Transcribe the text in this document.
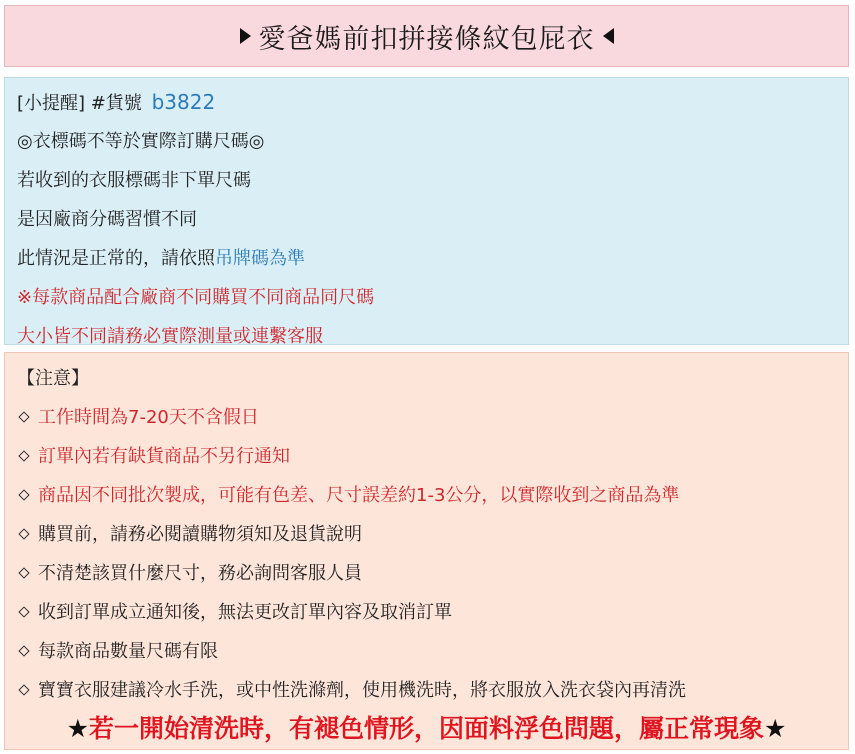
愛爸媽前扣拼接條紋包屁衣
[小提醒] #貨號 b3822
◎衣標碼不等於實際訂購尺碼◎
若收到的衣服標碼非下單尺碼
是因廠商分碼習慣不同
此情況是正常的，請依照吊牌碼為準
※每款商品配合廠商不同購買不同商品同尺碼
大小皆不同請務必實際測量或連繫客服
【注意】
工作時間為7-20天不含假日
訂單內若有缺貨商品不另行通知
商品因不同批次製成，可能有色差、尺寸誤差約1-3公分，以實際收到之商品為準
購買前，請務必閱讀購物須知及退貨說明
不清楚該買什麼尺寸，務必詢問客服人員
收到訂單成立通知後，無法更改訂單內容及取消訂單
每款商品數量尺碼有限
寶寶衣服建議冷水手洗，或中性洗滌劑，使用機洗時，將衣服放入洗衣袋內再清洗
★若一開始清洗時，有褪色情形，因面料浮色問題，屬正常現象★
